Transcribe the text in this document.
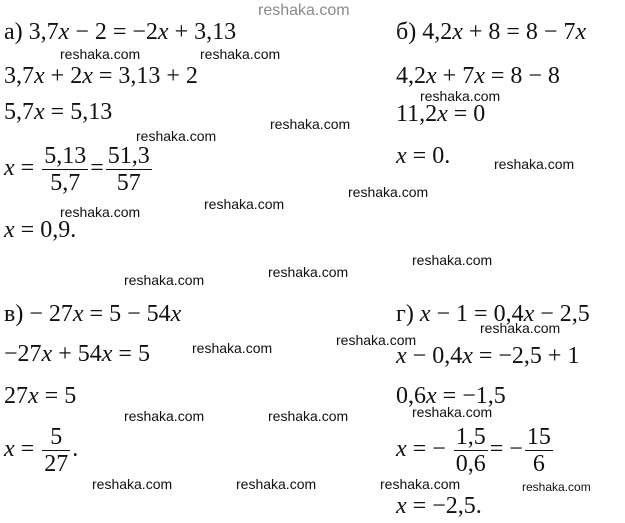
reshaka.com
а) 3,7x − 2 = −2x + 3,13
3,7x + 2x = 3,13 + 2
5,7x = 5,13
$x = \frac{5,13}{5,7} = \frac{51,3}{57}$
x = 0,9.
б) 4,2x + 8 = 8 − 7x
4,2x + 7x = 8 − 8
11,2x = 0
x = 0.
в) − 27x = 5 − 54x
−27x + 54x = 5
27x = 5
$x = \frac{5}{27}$ .
г) x − 1 = 0,4x − 2,5
x − 0,4x = −2,5 + 1
0,6x = −1,5
x = − $\frac{1,5}{0,6}$ = − $\frac{15}{6}$
x = −2,5.
reshaka.com	reshaka.com
reshaka.com
reshaka.com
reshaka.com
reshaka.com
reshaka.com
reshaka.com
reshaka.com
reshaka.com
reshaka.com
reshaka.com
reshaka.com
reshaka.com
reshaka.com
reshaka.com
reshaka.com	reshaka.com
reshaka.com	reshaka.com	reshaka.com	reshaka.com
